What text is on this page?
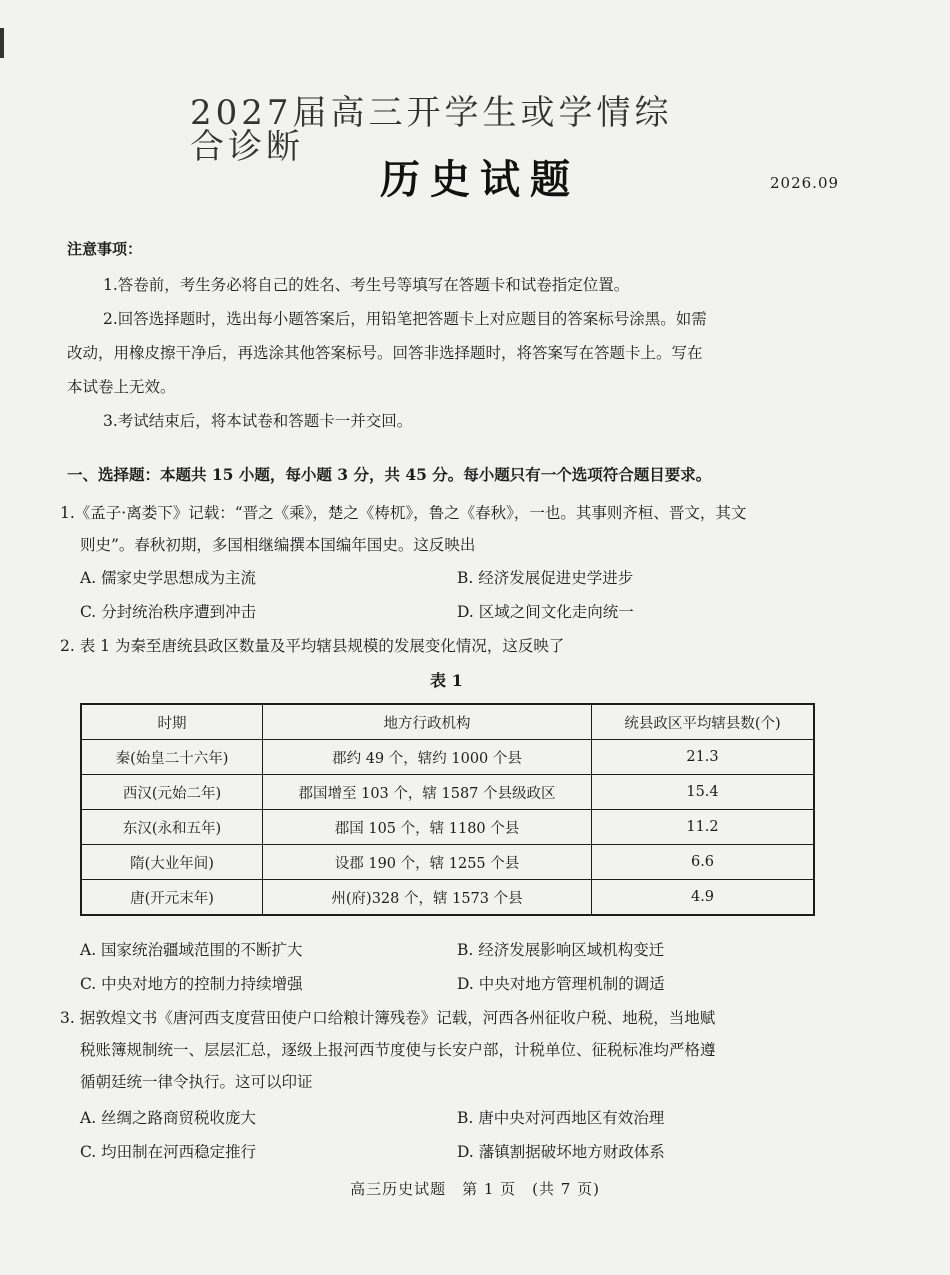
2027届高三开学生或学情综合诊断
历史试题	2026.09
注意事项：

1.答卷前，考生务必将自己的姓名、考生号等填写在答题卡和试卷指定位置。

2.回答选择题时，选出每小题答案后，用铅笔把答题卡上对应题目的答案标号涂黑。如需

改动，用橡皮擦干净后，再选涂其他答案标号。回答非选择题时，将答案写在答题卡上。写在

本试卷上无效。

3.考试结束后，将本试卷和答题卡一并交回。

一、选择题：本题共 15 小题，每小题 3 分，共 45 分。每小题只有一个选项符合题目要求。
1.《孟子·离娄下》记载：“晋之《乘》，楚之《梼杌》，鲁之《春秋》，一也。其事则齐桓、晋文，其文
则史”。春秋初期，多国相继编撰本国编年国史。这反映出
A. 儒家史学思想成为主流	B. 经济发展促进史学进步
C. 分封统治秩序遭到冲击	D. 区域之间文化走向统一
2. 表 1 为秦至唐统县政区数量及平均辖县规模的发展变化情况，这反映了
表 1
时期	地方行政机构	统县政区平均辖县数(个)
秦(始皇二十六年)	郡约 49 个，辖约 1000 个县	21.3
西汉(元始二年)	郡国增至 103 个，辖 1587 个县级政区	15.4
东汉(永和五年)	郡国 105 个，辖 1180 个县	11.2
隋(大业年间)	设郡 190 个，辖 1255 个县	6.6
唐(开元末年)	州(府)328 个，辖 1573 个县	4.9
A. 国家统治疆域范围的不断扩大	B. 经济发展影响区域机构变迁
C. 中央对地方的控制力持续增强	D. 中央对地方管理机制的调适
3. 据敦煌文书《唐河西支度营田使户口给粮计簿残卷》记载，河西各州征收户税、地税，当地赋
税账簿规制统一、层层汇总，逐级上报河西节度使与长安户部，计税单位、征税标准均严格遵
循朝廷统一律令执行。这可以印证
A. 丝绸之路商贸税收庞大	B. 唐中央对河西地区有效治理
C. 均田制在河西稳定推行	D. 藩镇割据破坏地方财政体系
高三历史试题　第 1 页　(共 7 页)
